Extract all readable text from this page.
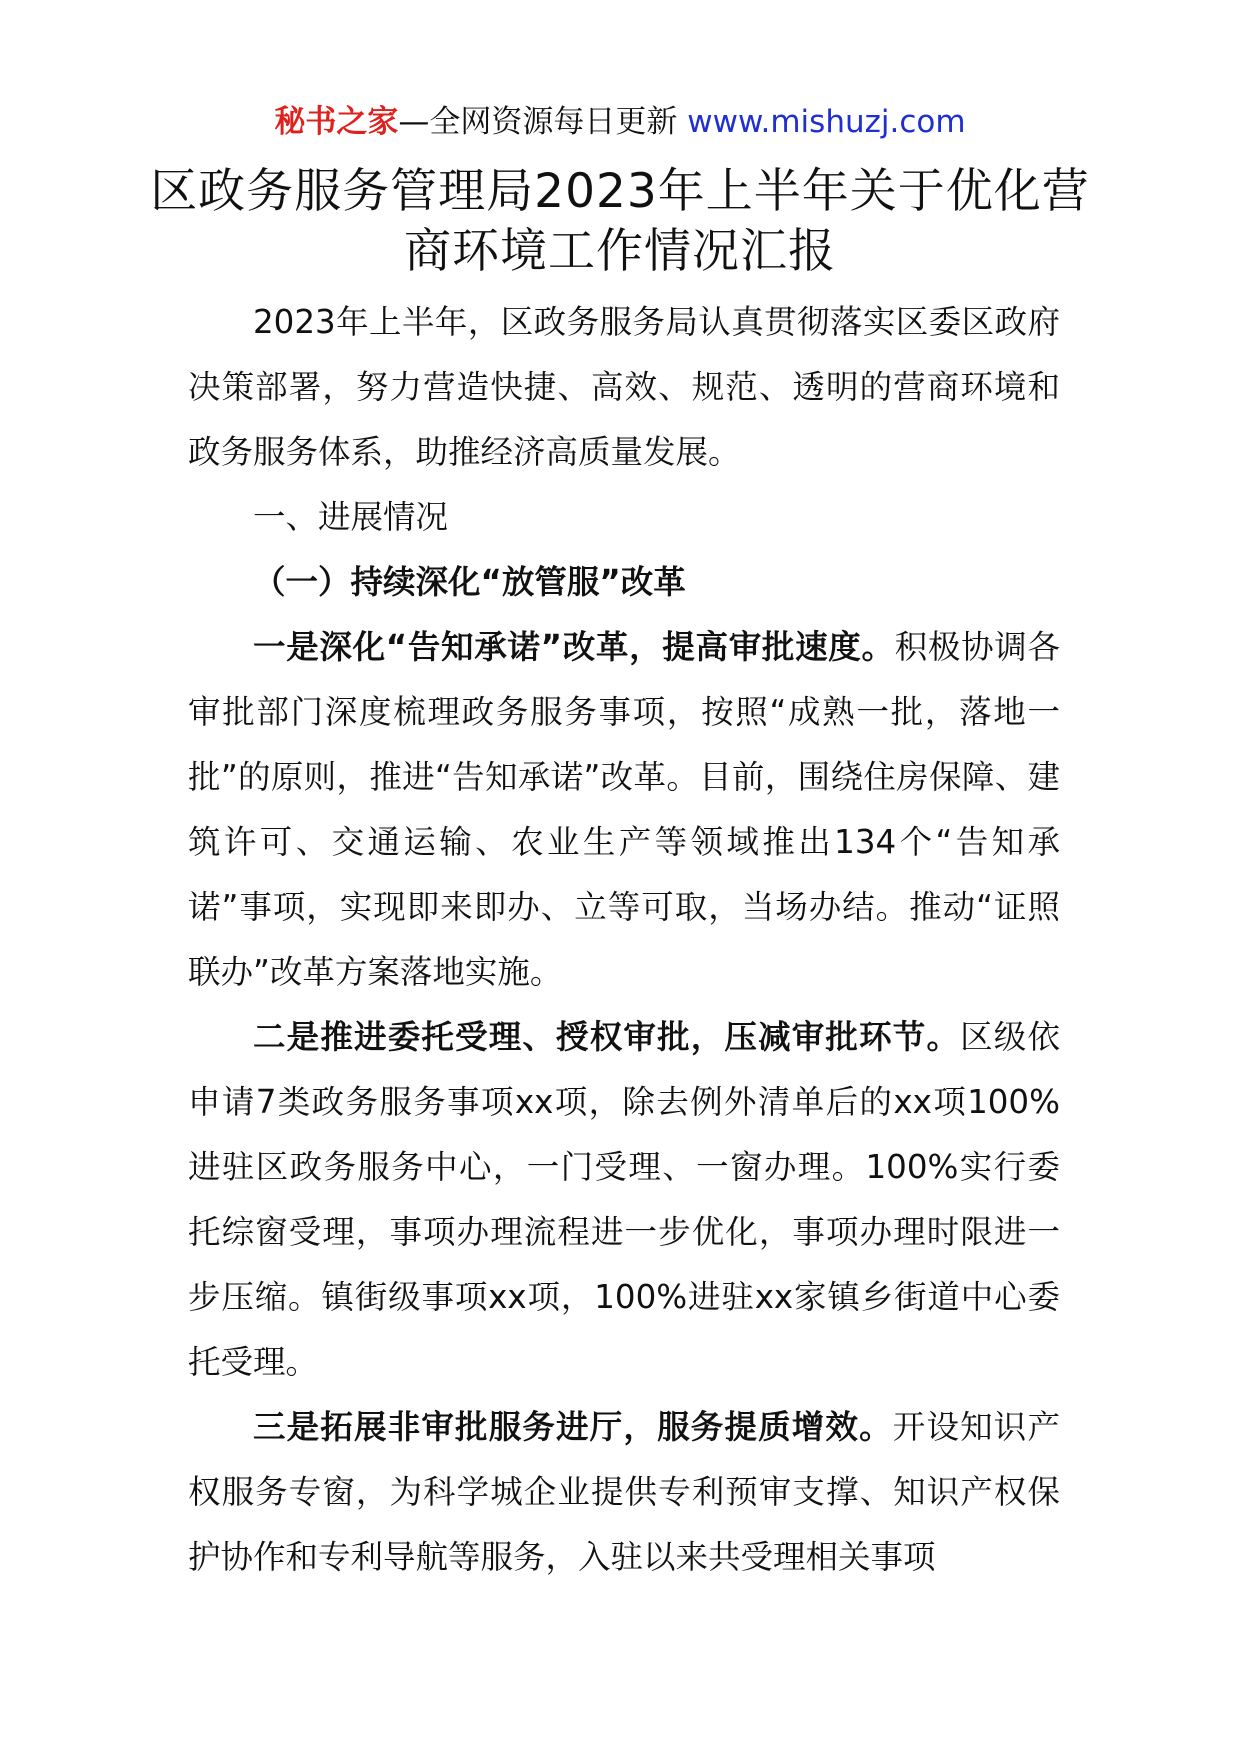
秘书之家—全网资源每日更新 www.mishuzj.com
区政务服务管理局2023年上半年关于优化营商环境工作情况汇报

2023年上半年，区政务服务局认真贯彻落实区委区政府决策部署，努力营造快捷、高效、规范、透明的营商环境和政务服务体系，助推经济高质量发展。

一、进展情况

（一）持续深化“放管服”改革

一是深化“告知承诺”改革，提高审批速度。积极协调各审批部门深度梳理政务服务事项，按照“成熟一批，落地一批”的原则，推进“告知承诺”改革。目前，围绕住房保障、建筑许可、交通运输、农业生产等领域推出134个“告知承诺”事项，实现即来即办、立等可取，当场办结。推动“证照联办”改革方案落地实施。

二是推进委托受理、授权审批，压减审批环节。区级依申请7类政务服务事项xx项，除去例外清单后的xx项100%进驻区政务服务中心，一门受理、一窗办理。100%实行委托综窗受理，事项办理流程进一步优化，事项办理时限进一步压缩。镇街级事项xx项，100%进驻xx家镇乡街道中心委托受理。

三是拓展非审批服务进厅，服务提质增效。开设知识产权服务专窗，为科学城企业提供专利预审支撑、知识产权保护协作和专利导航等服务，入驻以来共受理相关事项
